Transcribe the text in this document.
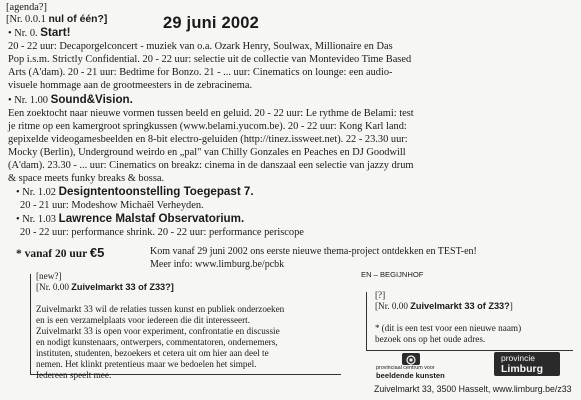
[agenda?]
[Nr. 0.0.1 nul of één?]	29 juni 2002
• Nr. 0. Start!
20 - 22 uur: Decaporgelconcert - muziek van o.a. Ozark Henry, Soulwax, Millionaire en Das
Pop i.s.m. Strictly Confidential. 20 - 22 uur: selectie uit de collectie van Montevideo Time Based
Arts (A'dam). 20 - 21 uur: Bedtime for Bonzo. 21 - ... uur: Cinematics on lounge: een audio-
visuele hommage aan de grootmeesters in de zebracinema.
• Nr. 1.00 Sound&Vision.
Een zoektocht naar nieuwe vormen tussen beeld en geluid. 20 - 22 uur: Le rythme de Belami: test
je ritme op een kamergroot springkussen (www.belami.yucom.be). 20 - 22 uur: Kong Karl land:
gepixelde videogamesbeelden en 8-bit electro-geluiden (http://tinez.issweet.net). 22 - 23.30 uur:
Mocky (Berlin), Underground weirdo en „pal" van Chilly Gonzales en Peaches en DJ Goodwill
(A'dam). 23.30 - ... uur: Cinematics on breakz: cinema in de danszaal een selectie van jazzy drum
& space meets funky breaks & bossa.
• Nr. 1.02 Designtentoonstelling Toegepast 7.
20 - 21 uur: Modeshow Michaël Verheyden.
• Nr. 1.03 Lawrence Malstaf Observatorium.
20 - 22 uur: performance shrink. 20 - 22 uur: performance periscope
* vanaf 20 uur €5	Kom vanaf 29 juni 2002 ons eerste nieuwe thema-project ontdekken en TEST-en!
Meer info: www.limburg.be/pcbk
EN – BEGIJNHOF
[new?]
[Nr. 0.00 Zuivelmarkt 33 of Z33?]
Zuivelmarkt 33 wil de relaties tussen kunst en publiek onderzoeken
en is een verzamelplaats voor iedereen die dit interesseert.
Zuivelmarkt 33 is open voor experiment, confrontatie en discussie
en nodigt kunstenaars, ontwerpers, commentatoren, ondernemers,
instituten, studenten, bezoekers et cetera uit om hier aan deel te
nemen. Het klinkt pretentieus maar we bedoelen het simpel.
Iedereen speelt mee.
[?]
[Nr. 0.00 Zuivelmarkt 33 of Z33?]
* (dit is een test voor een nieuwe naam)
bezoek ons op het oude adres.
provinciaal centrum voor
beeldende kunsten
provincie
Limburg
Zuivelmarkt 33, 3500 Hasselt, www.limburg.be/z33
